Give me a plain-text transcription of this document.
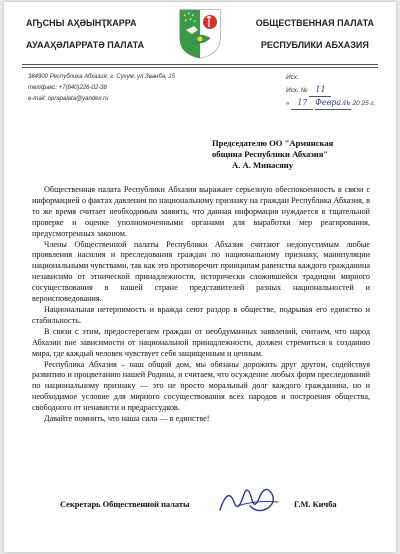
АҦСНЫ АҲӘЫНҬҞАРРА
АУААҲӘЛАРРАТӘ ПАЛАТА
ОБЩЕСТВЕННАЯ ПАЛАТА
РЕСПУБЛИКИ АБХАЗИЯ
384900 Республика Абхазия, г. Сухум, ул.Званба, 15
тел/факс: +7(840)226-02-38
e-mail: oprapalata@yandex.ru
Исх.
Исх. № 11
« 17 Февраль 20 25 г.
Председателю ОО "Армянская
община Республики Абхазия"
А. А. Минасяну

Общественная палата Республики Абхазия выражает серьезную обеспокоенность в связи с информацией о фактах давления по национальному признаку на граждан Республика Абхазия, в то же время считает необходимым заявить, что данная информация нуждается в тщательной проверке и оценке уполномоченными органами для выработки мер реагирования, предусмотренных законом.

Члены Общественной палаты Республики Абхазия считают недопустимым любые проявления насилия и преследования граждан по национальному признаку, манипуляции национальными чувствами, так как это противоречит принципам равенства каждого гражданина независимо от этнической принадлежности, исторически сложившейся традиции мирного сосуществования в нашей стране представителей разных национальностей и вероисповедования.

Национальная нетерпимость и вражда сеют раздор в обществе, подрывая его единство и стабильность.

В связи с этим, предостерегаем граждан от необдуманных заявлений, считаем, что народ Абхазии вне зависимости от национальной принадлежности, должен стремиться к созданию мира, где каждый человек чувствует себя защищенным и ценным.

Республика Абхазия – наш общий дом, мы обязаны дорожить друг другом, содействуя развитию и процветанию нашей Родины, и считаем, что осуждение любых форм преследований по национальному признаку — это не просто моральный долг каждого гражданина, но и необходимое условие для мирного сосуществования всех народов и построения общества, свободного от ненависти и предрассудков.

Давайте помнить, что наша сила — в единстве!

Секретарь Общественной палаты	Г.М. Кичба
